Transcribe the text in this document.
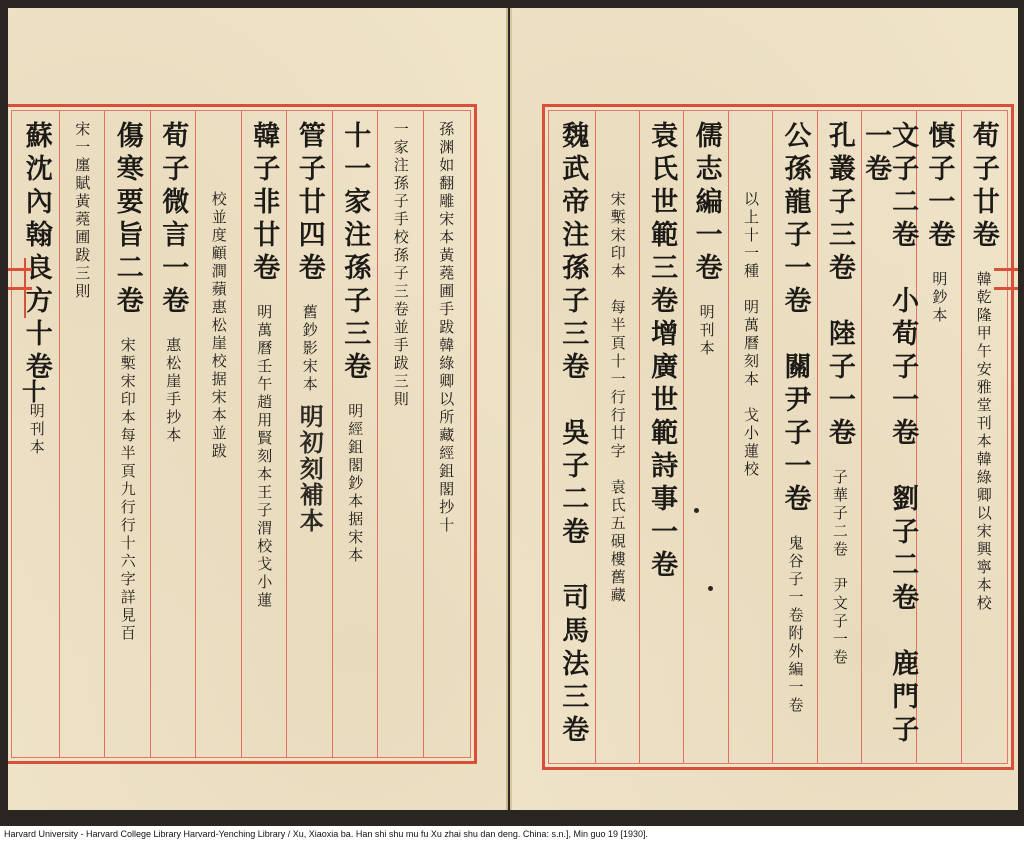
孫渊如翻雕宋本黃蕘圃手跋韓綠卿以所藏經鉏閣抄十
一家注孫子手校孫子三卷並手跋三則
十一家注孫子三卷
明經鉏閣鈔本据宋本
管子廿四卷
舊鈔影宋本
明初刻補本
韓子非廿卷
明萬曆壬午趙用賢刻本王子渭校戈小蓮
校並度顧澗蘋惠松崖校据宋本並跋
荀子微言一卷
惠松崖手抄本
傷寒要旨二卷
宋槧宋印本每半頁九行行十六字詳見百
宋一廛賦黃蕘圃跋三則
蘇沈內翰良方十卷
明刊本
十
荀子廿卷
韓乾隆甲午安雅堂刊本韓綠卿以宋興寧本校
慎子一卷
明鈔本
文子二卷　小荀子一卷　劉子二卷　鹿門子一卷
孔叢子三卷　陸子一卷
子華子二卷　尹文子一卷
公孫龍子一卷　關尹子一卷
鬼谷子一卷附外編一卷
以上十一種　明萬曆刻本　戈小蓮校
儒志編一卷
明刊本
袁氏世範三卷增廣世範詩事一卷
宋槧宋印本　每半頁十一行行廿字　袁氏五硯樓舊藏
魏武帝注孫子三卷　吳子二卷　司馬法三卷
Harvard University - Harvard College Library Harvard-Yenching Library / Xu, Xiaoxia ba. Han shi shu mu fu Xu zhai shu dan deng. China: s.n.], Min guo 19 [1930].
